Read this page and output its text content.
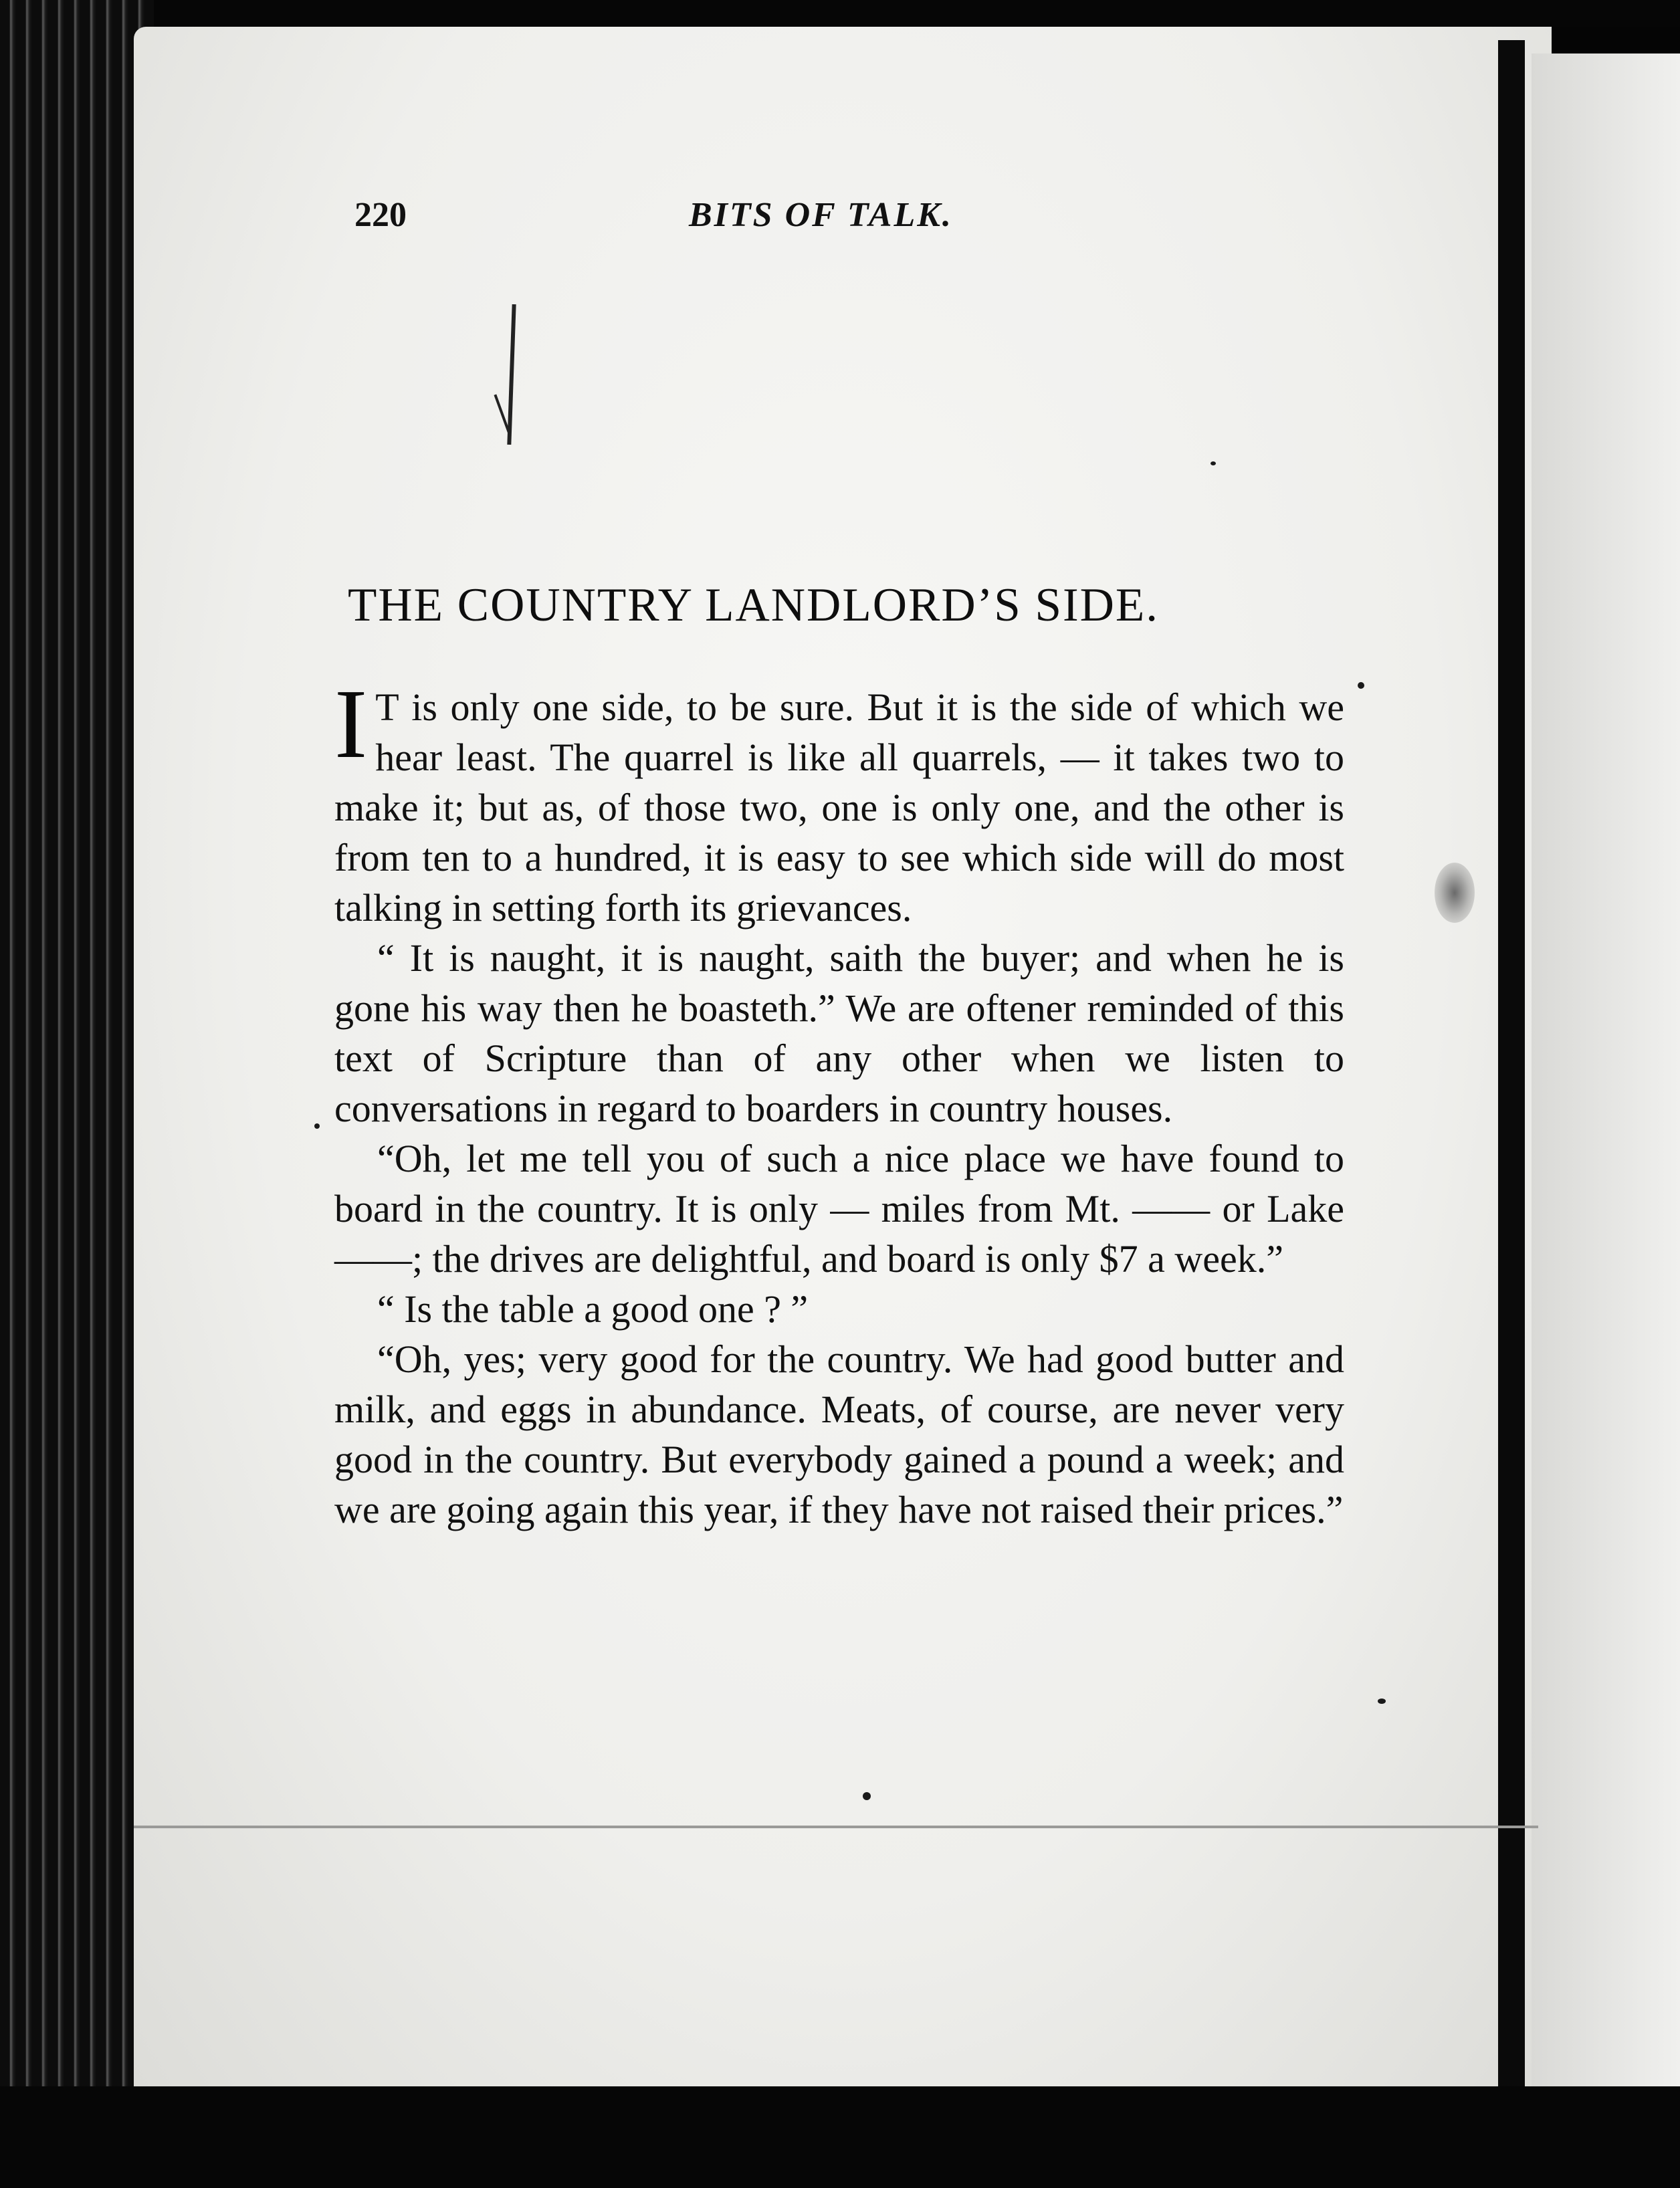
220	BITS OF TALK.
THE COUNTRY LANDLORD’S SIDE.

I T is only one side, to be sure. But it is the side of which we hear least. The quarrel is like all quarrels, — it takes two to make it; but as, of those two, one is only one, and the other is from ten to a hundred, it is easy to see which side will do most talking in setting forth its grievances.

“ It is naught, it is naught, saith the buyer; and when he is gone his way then he boasteth.” We are oftener reminded of this text of Scripture than of any other when we listen to conversations in regard to boarders in country houses.

“Oh, let me tell you of such a nice place we have found to board in the country. It is only — miles from Mt. —— or Lake ——; the drives are delightful, and board is only $7 a week.”

“ Is the table a good one ? ”

“Oh, yes; very good for the country. We had good butter and milk, and eggs in abundance. Meats, of course, are never very good in the country. But everybody gained a pound a week; and we are going again this year, if they have not raised their prices.”
